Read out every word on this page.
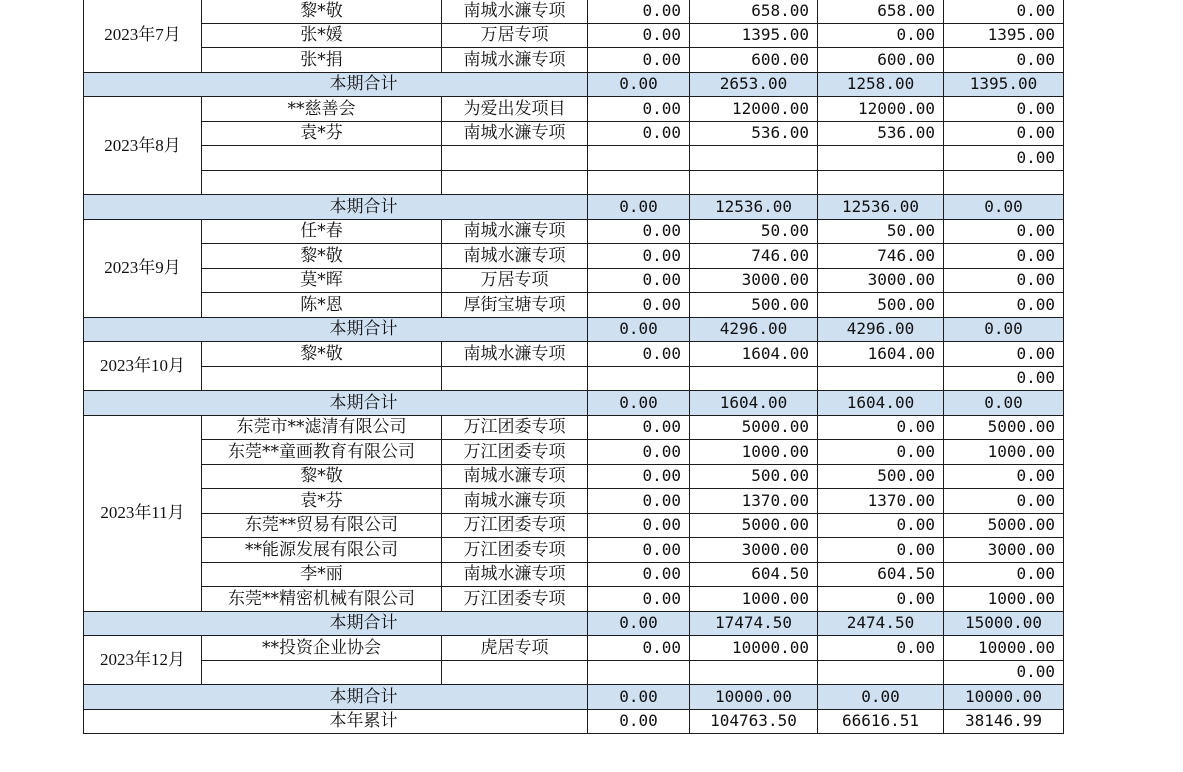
2023年7月	黎*敬	南城水濂专项	0.00	658.00	658.00	0.00
	张*媛	万居专项	0.00	1395.00	0.00	1395.00
	张*捐	南城水濂专项	0.00	600.00	600.00	0.00
本期合计			0.00	2653.00	1258.00	1395.00
2023年8月	**慈善会	为爱出发项目	0.00	12000.00	12000.00	0.00
	袁*芬	南城水濂专项	0.00	536.00	536.00	0.00
						0.00

本期合计			0.00	12536.00	12536.00	0.00
2023年9月	任*春	南城水濂专项	0.00	50.00	50.00	0.00
	黎*敬	南城水濂专项	0.00	746.00	746.00	0.00
	莫*晖	万居专项	0.00	3000.00	3000.00	0.00
	陈*恩	厚街宝塘专项	0.00	500.00	500.00	0.00
本期合计			0.00	4296.00	4296.00	0.00
2023年10月	黎*敬	南城水濂专项	0.00	1604.00	1604.00	0.00
						0.00
本期合计			0.00	1604.00	1604.00	0.00
2023年11月	东莞市**滤清有限公司	万江团委专项	0.00	5000.00	0.00	5000.00
	东莞**童画教育有限公司	万江团委专项	0.00	1000.00	0.00	1000.00
	黎*敬	南城水濂专项	0.00	500.00	500.00	0.00
	袁*芬	南城水濂专项	0.00	1370.00	1370.00	0.00
	东莞**贸易有限公司	万江团委专项	0.00	5000.00	0.00	5000.00
	**能源发展有限公司	万江团委专项	0.00	3000.00	0.00	3000.00
	李*丽	南城水濂专项	0.00	604.50	604.50	0.00
	东莞**精密机械有限公司	万江团委专项	0.00	1000.00	0.00	1000.00
本期合计			0.00	17474.50	2474.50	15000.00
2023年12月	**投资企业协会	虎居专项	0.00	10000.00	0.00	10000.00
						0.00
本期合计			0.00	10000.00	0.00	10000.00
本年累计			0.00	104763.50	66616.51	38146.99
